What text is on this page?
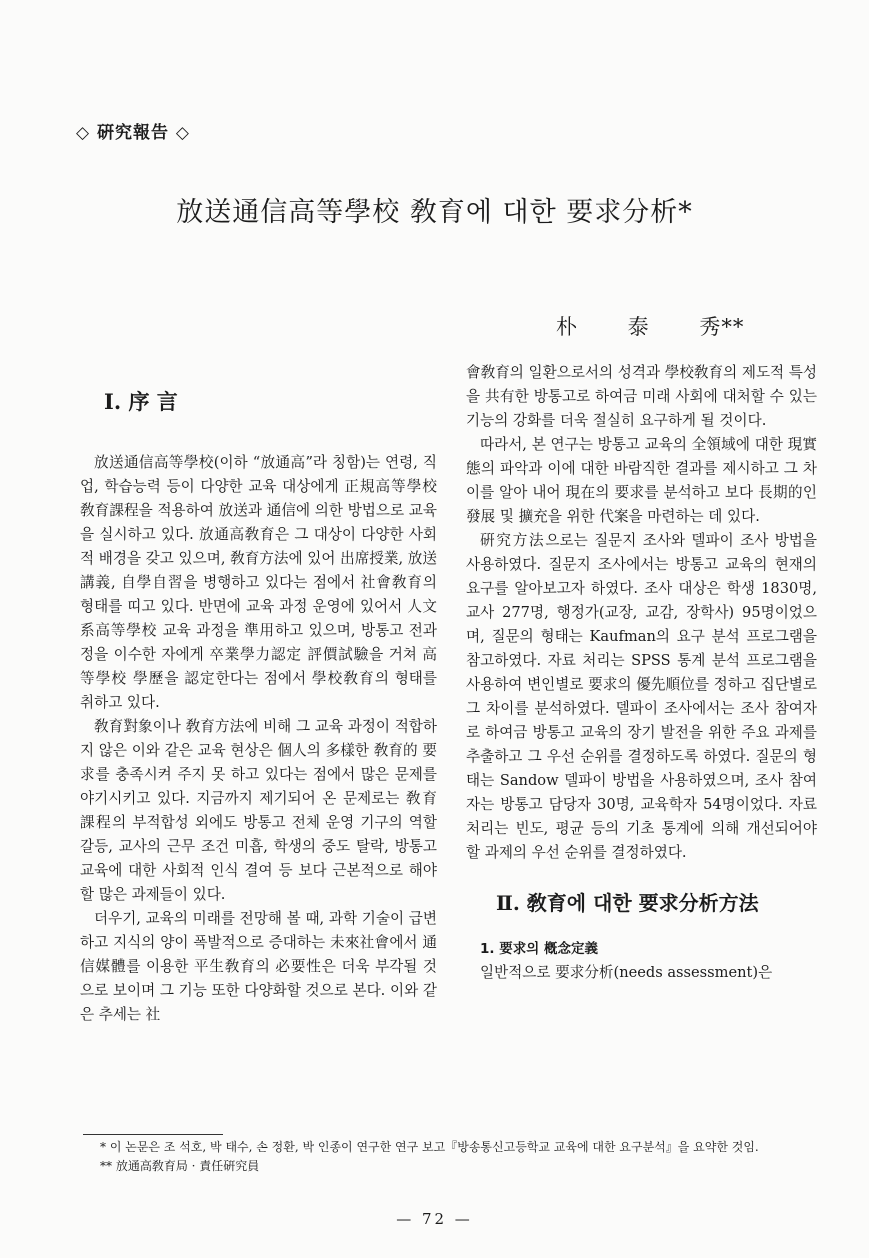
◇ 硏究報告 ◇
放送通信高等學校 敎育에 대한 要求分析*
朴 泰 秀**
Ⅰ. 序 言

放送通信高等學校(이하 “放通高”라 칭함)는 연령, 직업, 학습능력 등이 다양한 교육 대상에게 正規高等學校 敎育課程을 적용하여 放送과 通信에 의한 방법으로 교육을 실시하고 있다. 放通高敎育은 그 대상이 다양한 사회적 배경을 갖고 있으며, 敎育方法에 있어 出席授業, 放送講義, 自學自習을 병행하고 있다는 점에서 社會敎育의 형태를 띠고 있다. 반면에 교육 과정 운영에 있어서 人文系高等學校 교육 과정을 準用하고 있으며, 방통고 전과정을 이수한 자에게 卒業學力認定 評價試驗을 거쳐 高等學校 學歷을 認定한다는 점에서 學校敎育의 형태를 취하고 있다.

敎育對象이나 敎育方法에 비해 그 교육 과정이 적합하지 않은 이와 같은 교육 현상은 個人의 多樣한 敎育的 要求를 충족시켜 주지 못 하고 있다는 점에서 많은 문제를 야기시키고 있다. 지금까지 제기되어 온 문제로는 敎育課程의 부적합성 외에도 방통고 전체 운영 기구의 역할 갈등, 교사의 근무 조건 미흡, 학생의 중도 탈락, 방통고 교육에 대한 사회적 인식 결여 등 보다 근본적으로 해야 할 많은 과제들이 있다.

더우기, 교육의 미래를 전망해 볼 때, 과학 기술이 급변하고 지식의 양이 폭발적으로 증대하는 未來社會에서 通信媒體를 이용한 平生敎育의 必要性은 더욱 부각될 것으로 보이며 그 기능 또한 다양화할 것으로 본다. 이와 같은 추세는 社

會敎育의 일환으로서의 성격과 學校敎育의 제도적 특성을 共有한 방통고로 하여금 미래 사회에 대처할 수 있는 기능의 강화를 더욱 절실히 요구하게 될 것이다.

따라서, 본 연구는 방통고 교육의 全領域에 대한 現實態의 파악과 이에 대한 바람직한 결과를 제시하고 그 차이를 알아 내어 現在의 要求를 분석하고 보다 長期的인 發展 및 擴充을 위한 代案을 마련하는 데 있다.

硏究方法으로는 질문지 조사와 델파이 조사 방법을 사용하였다. 질문지 조사에서는 방통고 교육의 현재의 요구를 알아보고자 하였다. 조사 대상은 학생 1830명, 교사 277명, 행정가(교장, 교감, 장학사) 95명이었으며, 질문의 형태는 Kaufman의 요구 분석 프로그램을 참고하였다. 자료 처리는 SPSS 통계 분석 프로그램을 사용하여 변인별로 要求의 優先順位를 정하고 집단별로 그 차이를 분석하였다. 델파이 조사에서는 조사 참여자로 하여금 방통고 교육의 장기 발전을 위한 주요 과제를 추출하고 그 우선 순위를 결정하도록 하였다. 질문의 형태는 Sandow 델파이 방법을 사용하였으며, 조사 참여자는 방통고 담당자 30명, 교육학자 54명이었다. 자료 처리는 빈도, 평균 등의 기초 통계에 의해 개선되어야 할 과제의 우선 순위를 결정하였다.

Ⅱ. 敎育에 대한 要求分析方法
1. 要求의 槪念定義

일반적으로 要求分析(needs assessment)은

* 이 논문은 조 석호, 박 태수, 손 정환, 박 인종이 연구한 연구 보고『방송통신고등학교 교육에 대한 요구분석』을 요약한 것임.

** 放通高敎育局 · 責任硏究員

— 72 —
